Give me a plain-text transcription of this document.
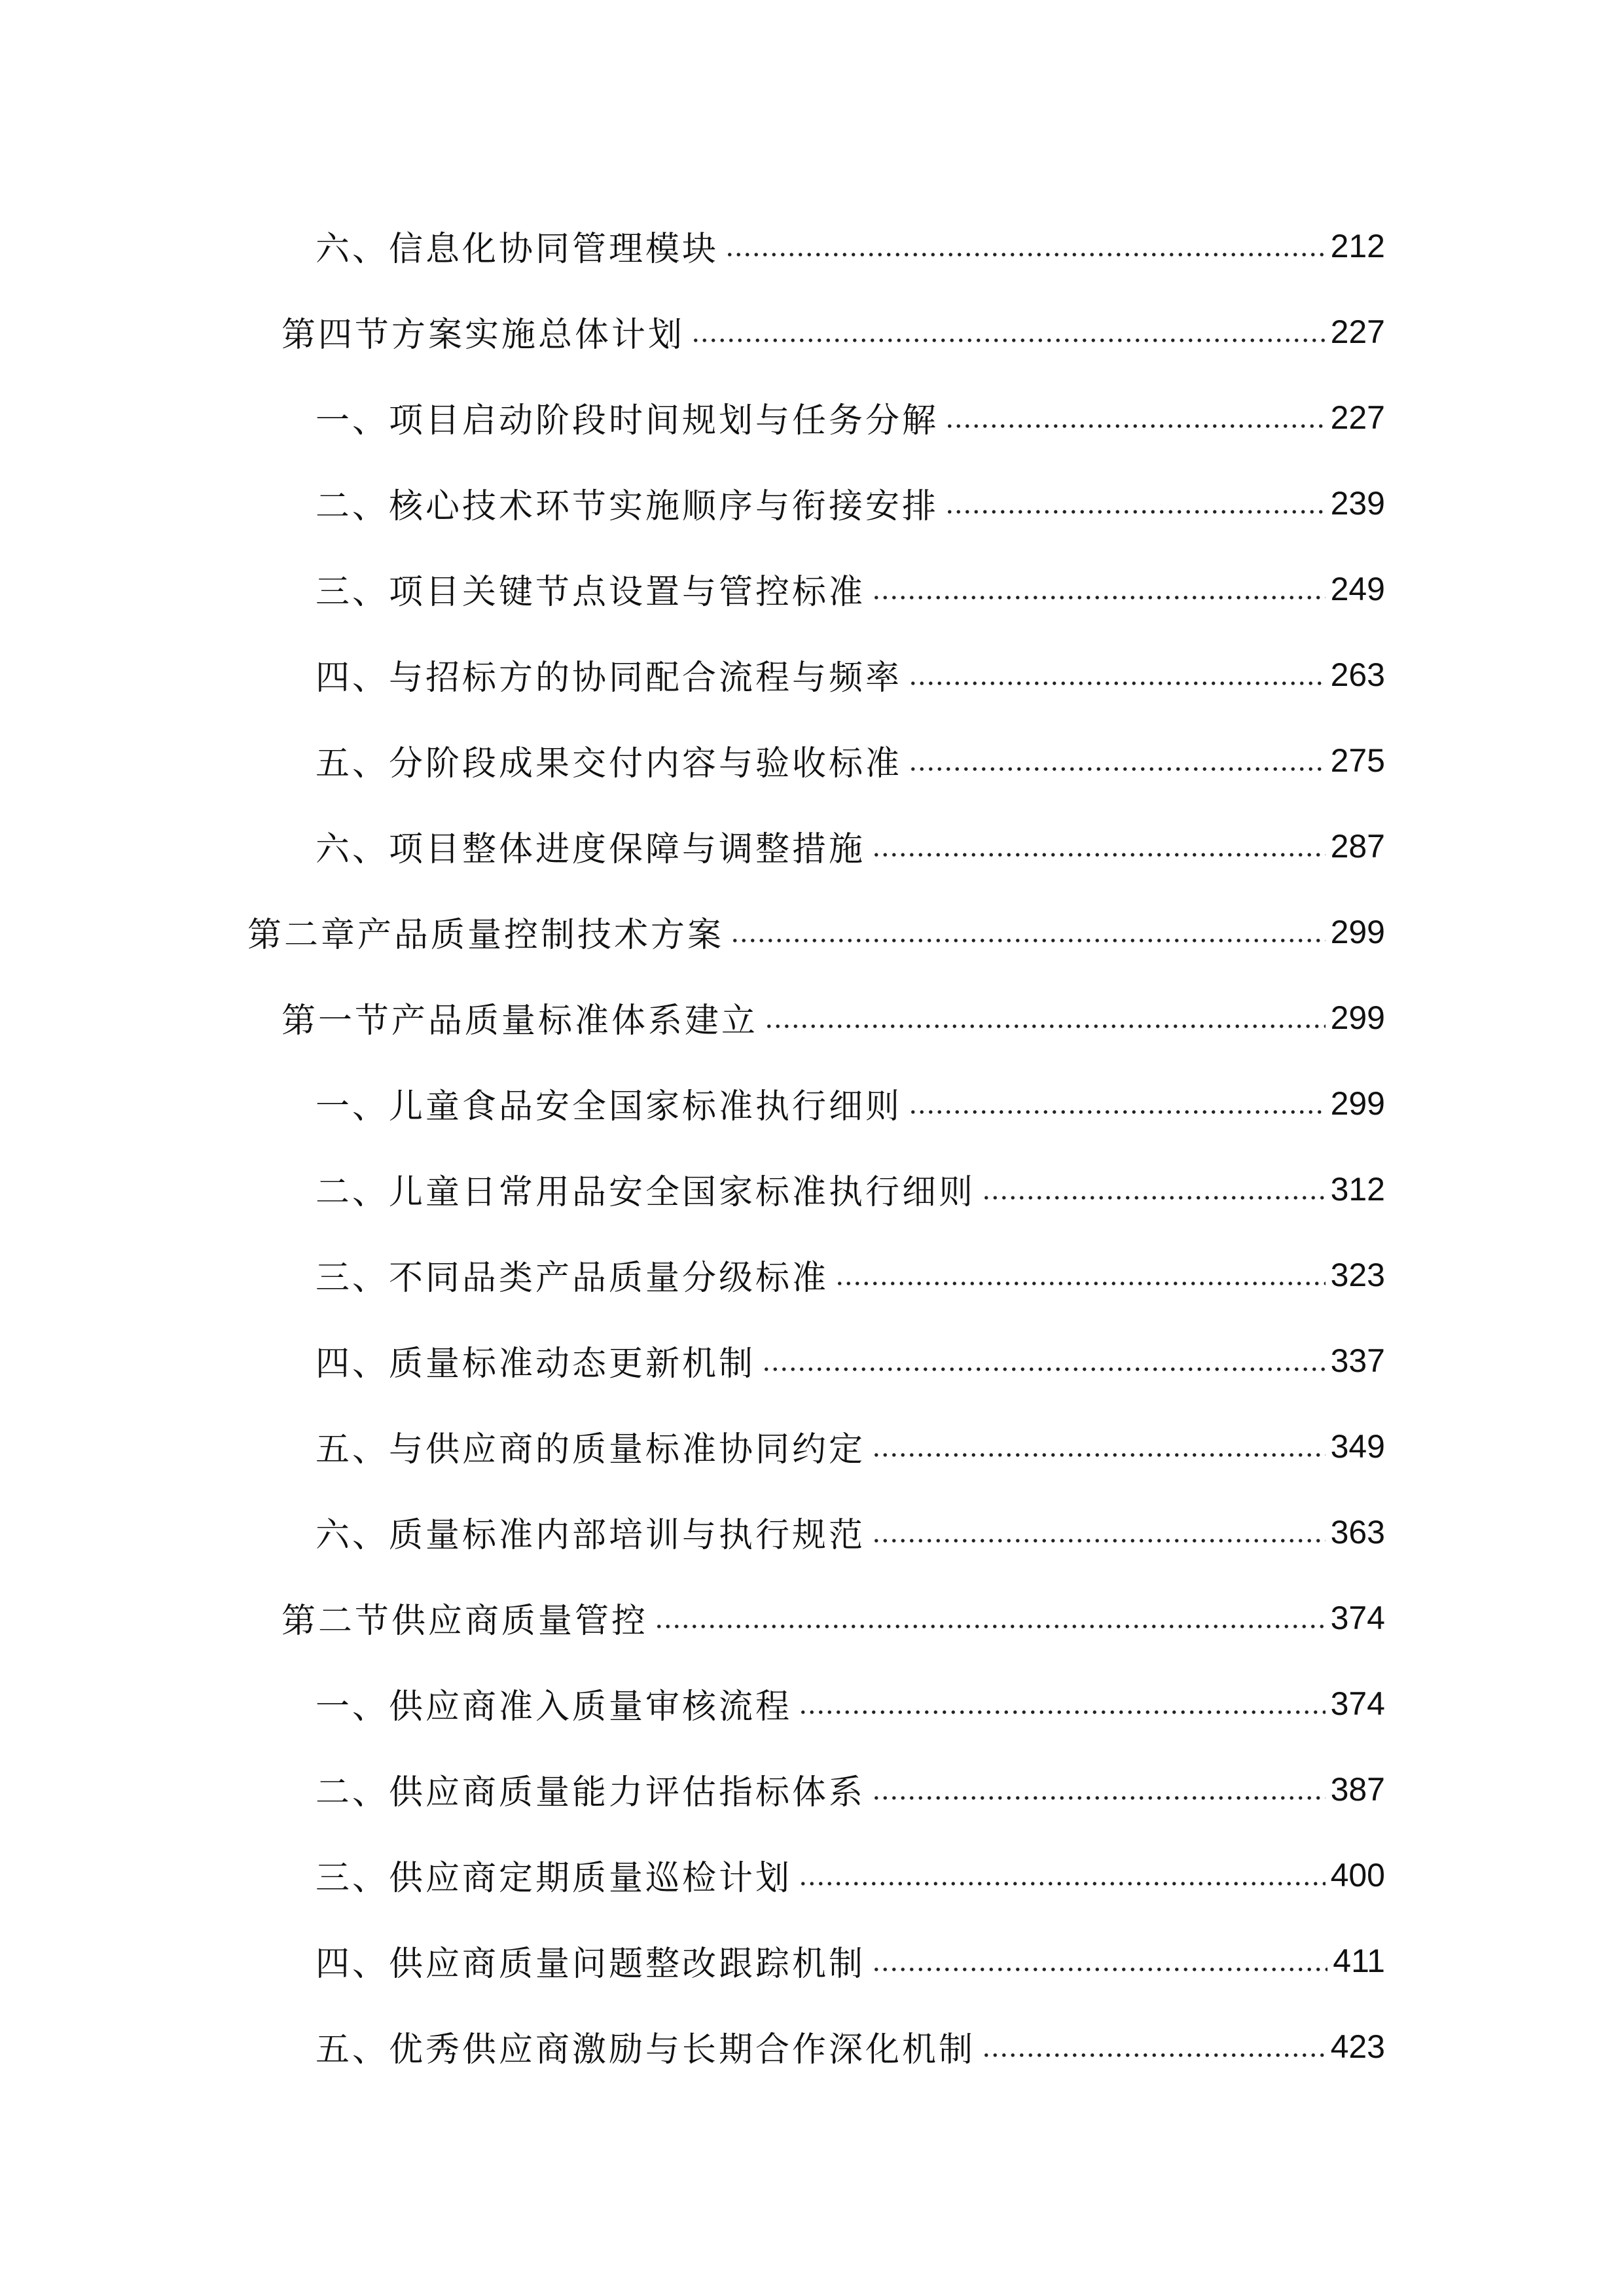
六、信息化协同管理模块	212
第四节方案实施总体计划	227
一、项目启动阶段时间规划与任务分解	227
二、核心技术环节实施顺序与衔接安排	239
三、项目关键节点设置与管控标准	249
四、与招标方的协同配合流程与频率	263
五、分阶段成果交付内容与验收标准	275
六、项目整体进度保障与调整措施	287
第二章产品质量控制技术方案	299
第一节产品质量标准体系建立	299
一、儿童食品安全国家标准执行细则	299
二、儿童日常用品安全国家标准执行细则	312
三、不同品类产品质量分级标准	323
四、质量标准动态更新机制	337
五、与供应商的质量标准协同约定	349
六、质量标准内部培训与执行规范	363
第二节供应商质量管控	374
一、供应商准入质量审核流程	374
二、供应商质量能力评估指标体系	387
三、供应商定期质量巡检计划	400
四、供应商质量问题整改跟踪机制	411
五、优秀供应商激励与长期合作深化机制	423
